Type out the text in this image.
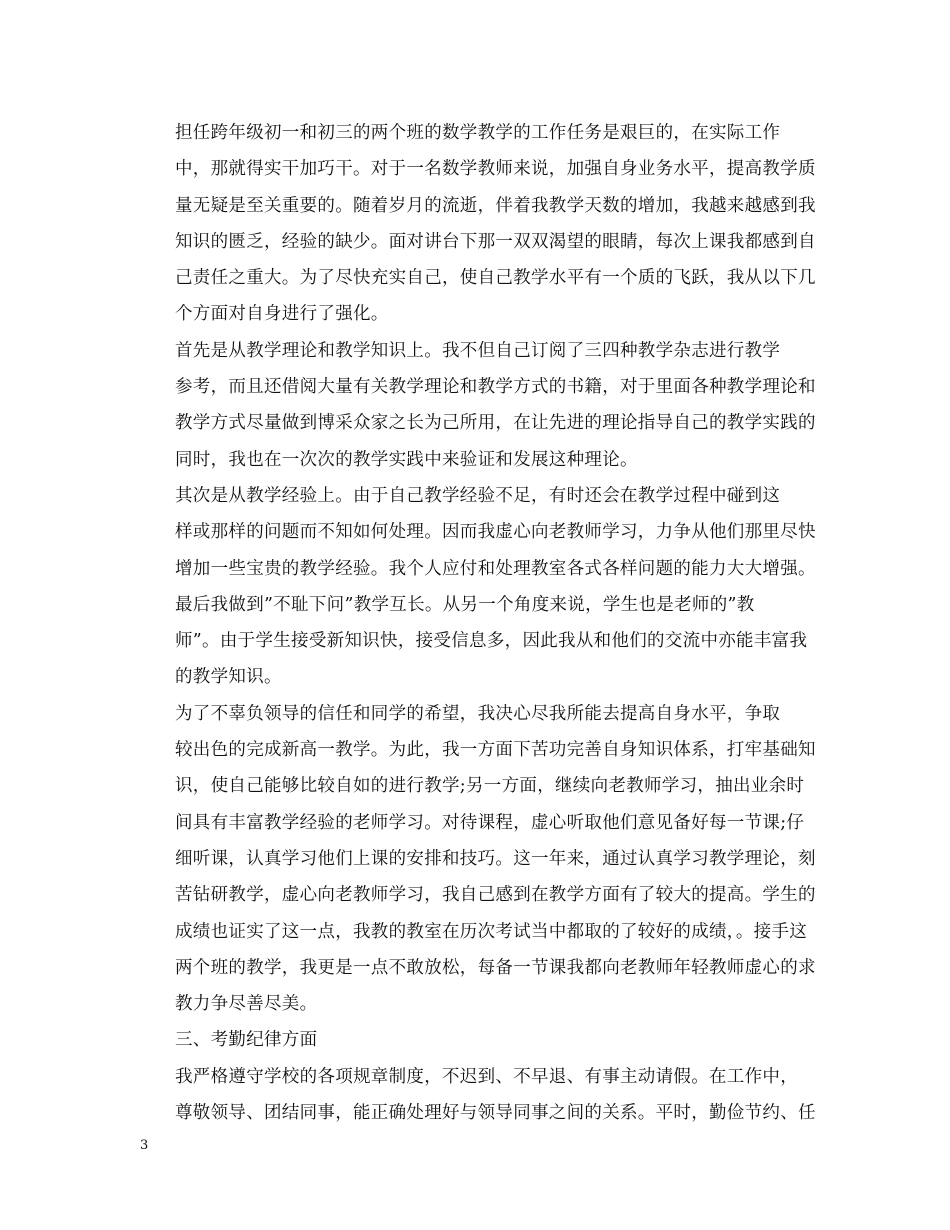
担任跨年级初一和初三的两个班的数学教学的工作任务是艰巨的，在实际工作
中，那就得实干加巧干。对于一名数学教师来说，加强自身业务水平，提高教学质
量无疑是至关重要的。随着岁月的流逝，伴着我教学天数的增加，我越来越感到我
知识的匮乏，经验的缺少。面对讲台下那一双双渴望的眼睛，每次上课我都感到自
己责任之重大。为了尽快充实自己，使自己教学水平有一个质的飞跃，我从以下几
个方面对自身进行了强化。

首先是从教学理论和教学知识上。我不但自己订阅了三四种教学杂志进行教学
参考，而且还借阅大量有关教学理论和教学方式的书籍，对于里面各种教学理论和
教学方式尽量做到博采众家之长为己所用，在让先进的理论指导自己的教学实践的
同时，我也在一次次的教学实践中来验证和发展这种理论。

其次是从教学经验上。由于自己教学经验不足，有时还会在教学过程中碰到这
样或那样的问题而不知如何处理。因而我虚心向老教师学习，力争从他们那里尽快
增加一些宝贵的教学经验。我个人应付和处理教室各式各样问题的能力大大增强。

最后我做到”不耻下问”教学互长。从另一个角度来说，学生也是老师的”教
师”。由于学生接受新知识快，接受信息多，因此我从和他们的交流中亦能丰富我
的教学知识。

为了不辜负领导的信任和同学的希望，我决心尽我所能去提高自身水平，争取
较出色的完成新高一教学。为此，我一方面下苦功完善自身知识体系，打牢基础知
识，使自己能够比较自如的进行教学;另一方面，继续向老教师学习，抽出业余时
间具有丰富教学经验的老师学习。对待课程，虚心听取他们意见备好每一节课;仔
细听课，认真学习他们上课的安排和技巧。这一年来，通过认真学习教学理论，刻
苦钻研教学，虚心向老教师学习，我自己感到在教学方面有了较大的提高。学生的
成绩也证实了这一点，我教的教室在历次考试当中都取的了较好的成绩，。接手这
两个班的教学，我更是一点不敢放松，每备一节课我都向老教师年轻教师虚心的求
教力争尽善尽美。

三、考勤纪律方面

我严格遵守学校的各项规章制度，不迟到、不早退、有事主动请假。在工作中，
尊敬领导、团结同事，能正确处理好与领导同事之间的关系。平时，勤俭节约、任

3
